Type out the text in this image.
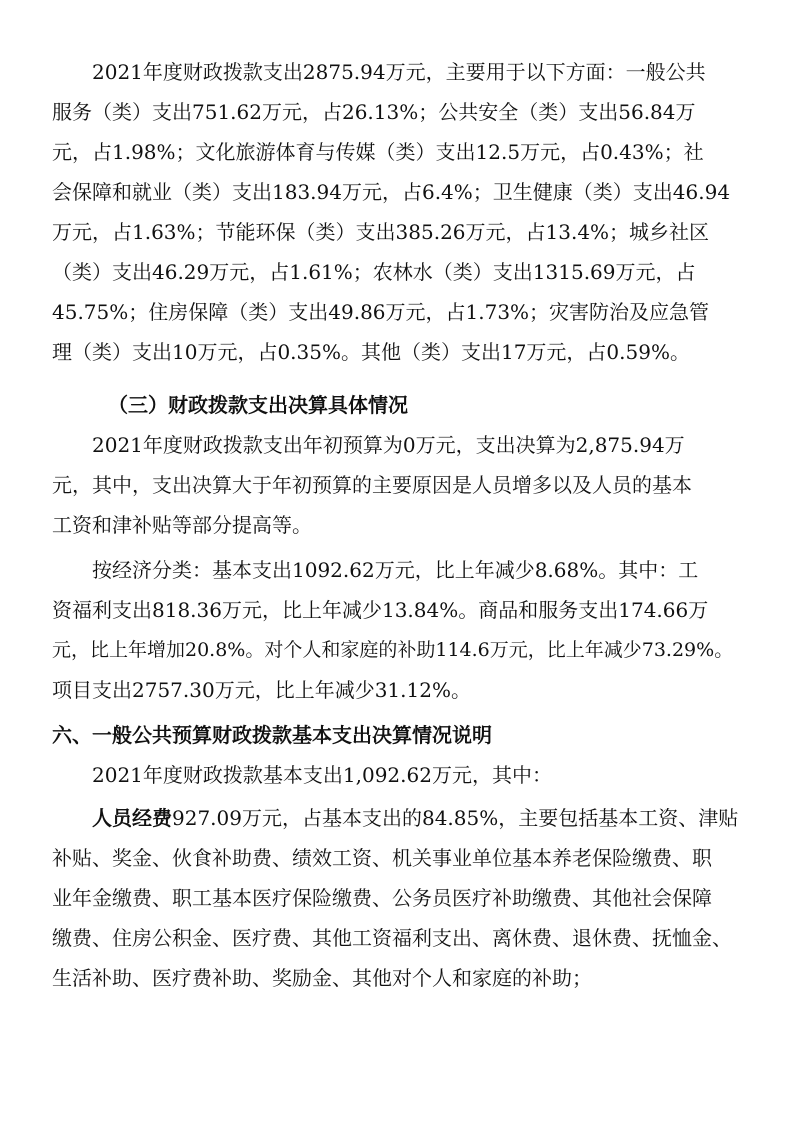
2021年度财政拨款支出2875.94万元，主要用于以下方面：一般公共
服务（类）支出751.62万元，占26.13%；公共安全（类）支出56.84万
元，占1.98%；文化旅游体育与传媒（类）支出12.5万元，占0.43%；社
会保障和就业（类）支出183.94万元，占6.4%；卫生健康（类）支出46.94
万元，占1.63%；节能环保（类）支出385.26万元，占13.4%；城乡社区
（类）支出46.29万元，占1.61%；农林水（类）支出1315.69万元，占
45.75%；住房保障（类）支出49.86万元，占1.73%；灾害防治及应急管
理（类）支出10万元，占0.35%。其他（类）支出17万元，占0.59%。
（三）财政拨款支出决算具体情况
2021年度财政拨款支出年初预算为0万元，支出决算为2,875.94万
元，其中，支出决算大于年初预算的主要原因是人员增多以及人员的基本
工资和津补贴等部分提高等。
按经济分类：基本支出1092.62万元，比上年减少8.68%。其中：工
资福利支出818.36万元，比上年减少13.84%。商品和服务支出174.66万
元，比上年增加20.8%。对个人和家庭的补助114.6万元，比上年减少73.29%。
项目支出2757.30万元，比上年减少31.12%。
六、一般公共预算财政拨款基本支出决算情况说明
2021年度财政拨款基本支出1,092.62万元，其中：
人员经费 927.09万元，占基本支出的84.85%，主要包括基本工资、津贴
补贴、奖金、伙食补助费、绩效工资、机关事业单位基本养老保险缴费、职
业年金缴费、职工基本医疗保险缴费、公务员医疗补助缴费、其他社会保障
缴费、住房公积金、医疗费、其他工资福利支出、离休费、退休费、抚恤金、
生活补助、医疗费补助、奖励金、其他对个人和家庭的补助；
